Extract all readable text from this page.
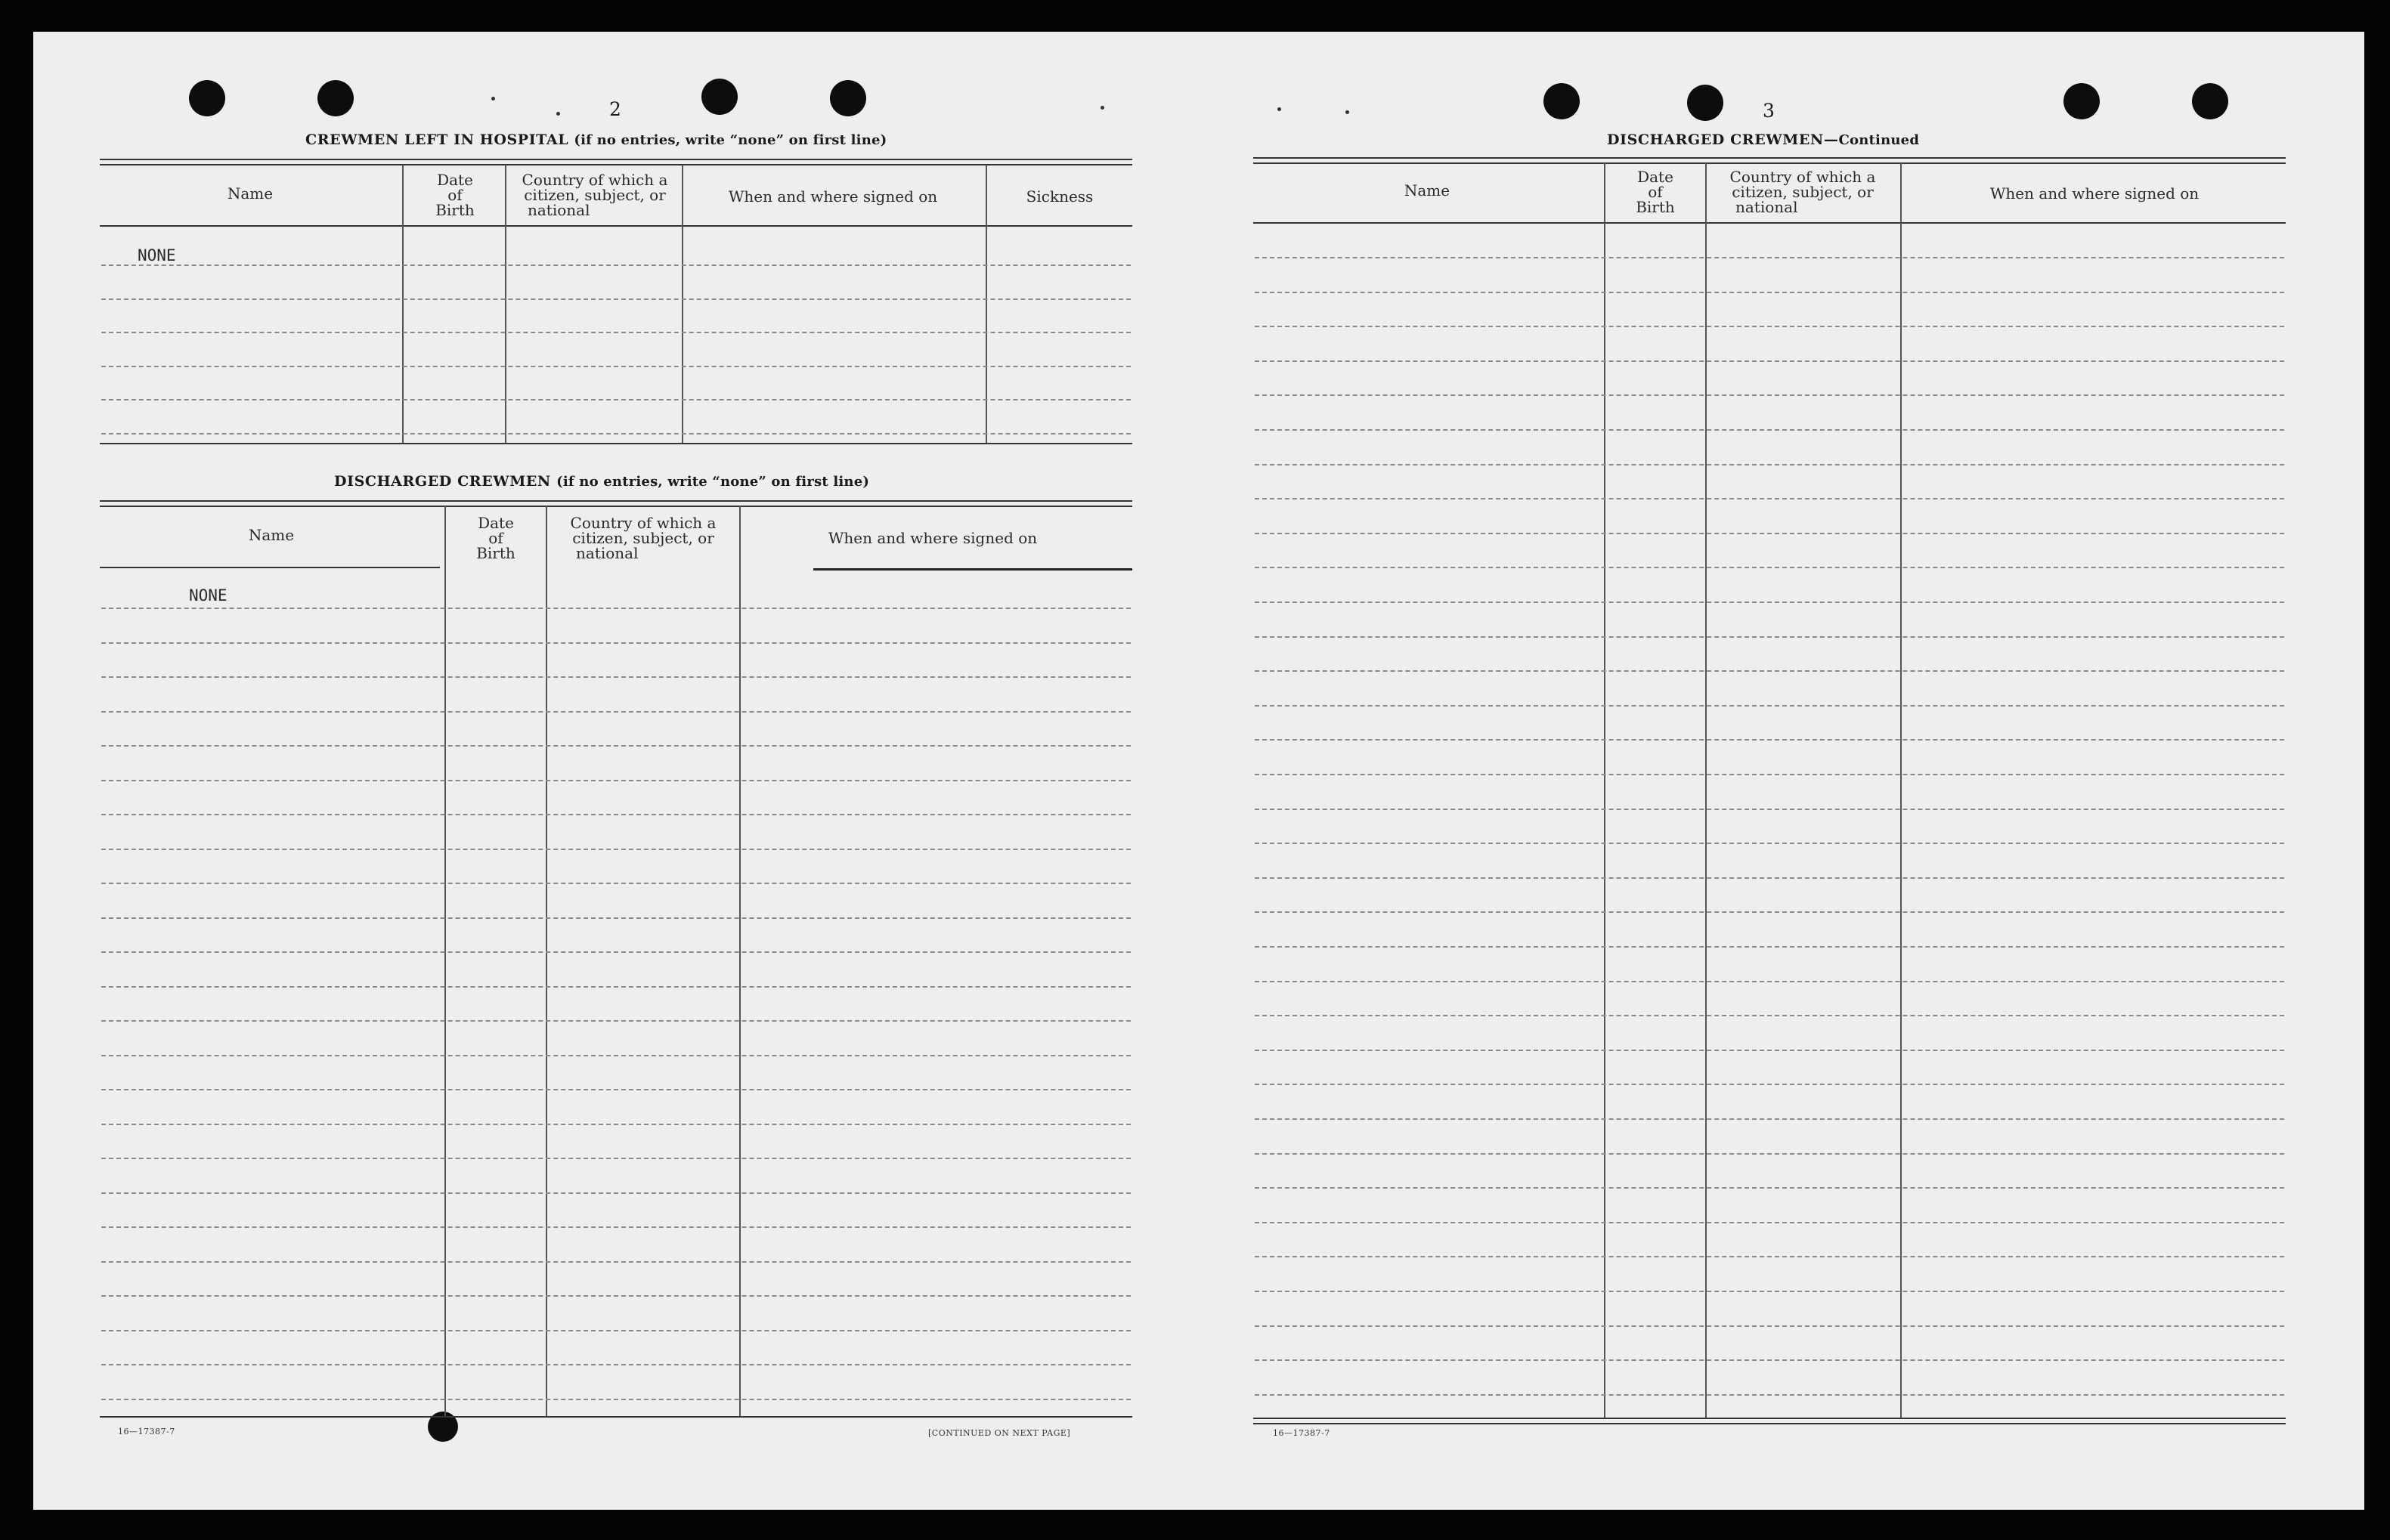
2
CREWMEN LEFT IN HOSPITAL (if no entries, write “none” on first line)
Name
Date
of
Birth
Country of which a
citizen, subject, or
national
When and where signed on	Sickness
NONE
DISCHARGED CREWMEN (if no entries, write “none” on first line)
Name
Date
of
Birth
Country of which a
citizen, subject, or
national
When and where signed on
NONE
16—17387-7	[CONTINUED ON NEXT PAGE]
3
DISCHARGED CREWMEN—Continued
Name
Date
of
Birth
Country of which a
citizen, subject, or
national
When and where signed on
16—17387-7
